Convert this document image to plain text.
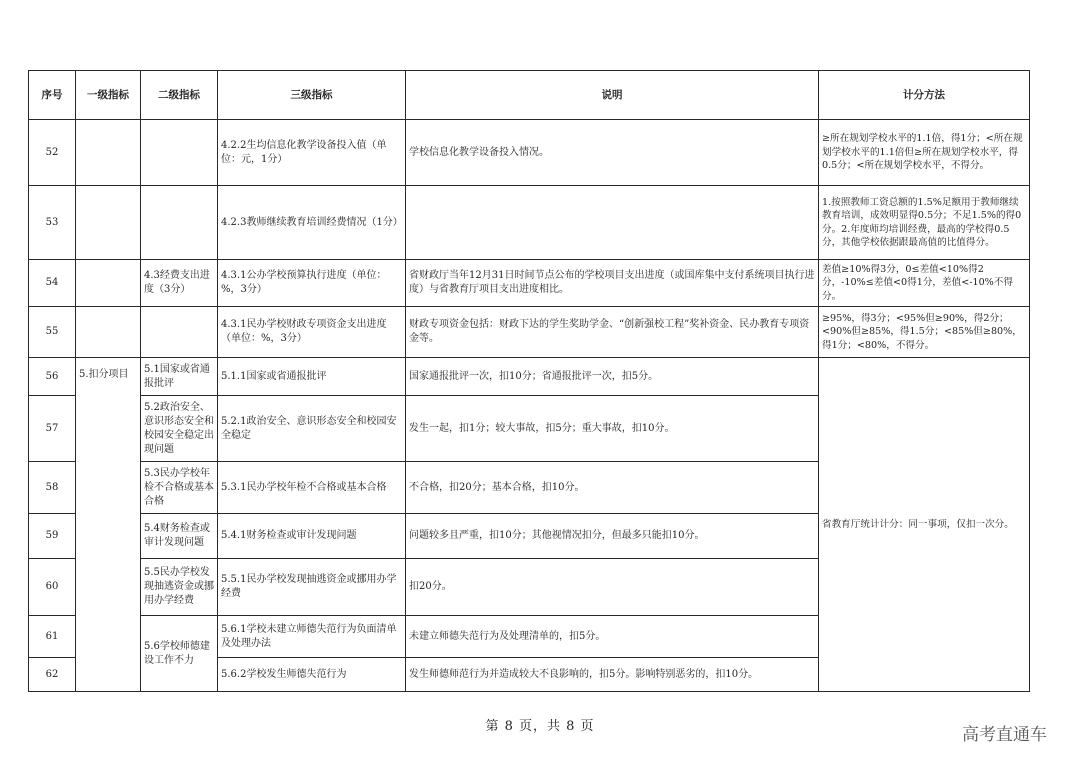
序号	一级指标	二级指标	三级指标	说明	计分方法
52			4.2.2生均信息化教学设备投入值（单位：元，1分）	学校信息化教学设备投入情况。	≥所在规划学校水平的1.1倍，得1分；<所在规划学校水平的1.1倍但≥所在规划学校水平，得0.5分；<所在规划学校水平，不得分。
53			4.2.3教师继续教育培训经费情况（1分）		1.按照教师工资总额的1.5%足额用于教师继续教育培训，成效明显得0.5分；不足1.5%的得0分。2.年度师均培训经费，最高的学校得0.5分，其他学校依据跟最高值的比值得分。
54		4.3经费支出进度（3分）	4.3.1公办学校预算执行进度（单位：%，3分）	省财政厅当年12月31日时间节点公布的学校项目支出进度（或国库集中支付系统项目执行进度）与省教育厅项目支出进度相比。	差值≥10%得3分，0≤差值<10%得2分，-10%≤差值<0得1分，差值<-10%不得分。
55			4.3.1民办学校财政专项资金支出进度（单位：%，3分）	财政专项资金包括：财政下达的学生奖助学金、“创新强校工程”奖补资金、民办教育专项资金等。	≥95%，得3分；<95%但≥90%，得2分；<90%但≥85%，得1.5分；<85%但≥80%，得1分；<80%，不得分。
56	5.扣分项目	5.1国家或省通报批评	5.1.1国家或省通报批评	国家通报批评一次，扣10分；省通报批评一次，扣5分。	省教育厅统计计分：同一事项，仅扣一次分。
57		5.2政治安全、意识形态安全和校园安全稳定出现问题	5.2.1政治安全、意识形态安全和校园安全稳定	发生一起，扣1分；较大事故，扣5分；重大事故，扣10分。	
58		5.3民办学校年检不合格或基本合格	5.3.1民办学校年检不合格或基本合格	不合格，扣20分；基本合格，扣10分。	
59		5.4财务检查或审计发现问题	5.4.1财务检查或审计发现问题	问题较多且严重，扣10分；其他视情况扣分，但最多只能扣10分。	
60		5.5民办学校发现抽逃资金或挪用办学经费	5.5.1民办学校发现抽逃资金或挪用办学经费	扣20分。	
61		5.6学校师德建设工作不力	5.6.1学校未建立师德失范行为负面清单及处理办法	未建立师德失范行为及处理清单的，扣5分。	
62			5.6.2学校发生师德失范行为	发生师德师范行为并造成较大不良影响的，扣5分。影响特别恶劣的，扣10分。	
第 8 页，共 8 页	高考直通车
